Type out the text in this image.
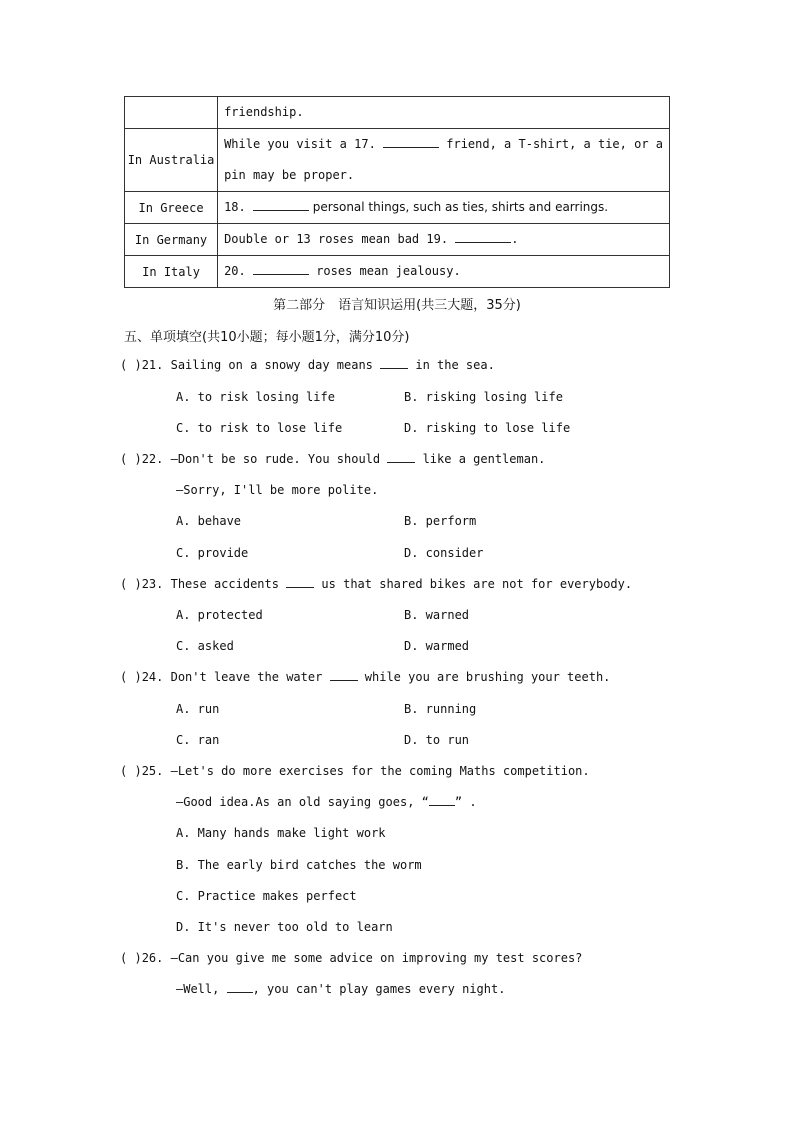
	friendship.

In Australia	While you visit a 17. friend, a T-shirt, a tie, or a
pin may be proper.

In Greece	18. personal things, such as ties, shirts and earrings.

In Germany	Double or 13 roses mean bad 19. .

In Italy	20. roses mean jealousy.
第二部分　语言知识运用(共三大题，35分)
五、单项填空(共10小题；每小题1分，满分10分)
( )21. Sailing on a snowy day means  in the sea.
A. to risk losing life	B. risking losing life
C. to risk to lose life	D. risking to lose life
( )22. —Don't be so rude. You should  like a gentleman.
—Sorry, I'll be more polite.
A. behave	B. perform
C. provide	D. consider
( )23. These accidents  us that shared bikes are not for everybody.
A. protected	B. warned
C. asked	D. warmed
( )24. Don't leave the water  while you are brushing your teeth.
A. run	B. running
C. ran	D. to run
( )25. —Let's do more exercises for the coming Maths competition.
—Good idea.As an old saying goes, “ ” .
A. Many hands make light work
B. The early bird catches the worm
C. Practice makes perfect
D. It's never too old to learn
( )26. —Can you give me some advice on improving my test scores?
—Well, , you can't play games every night.
